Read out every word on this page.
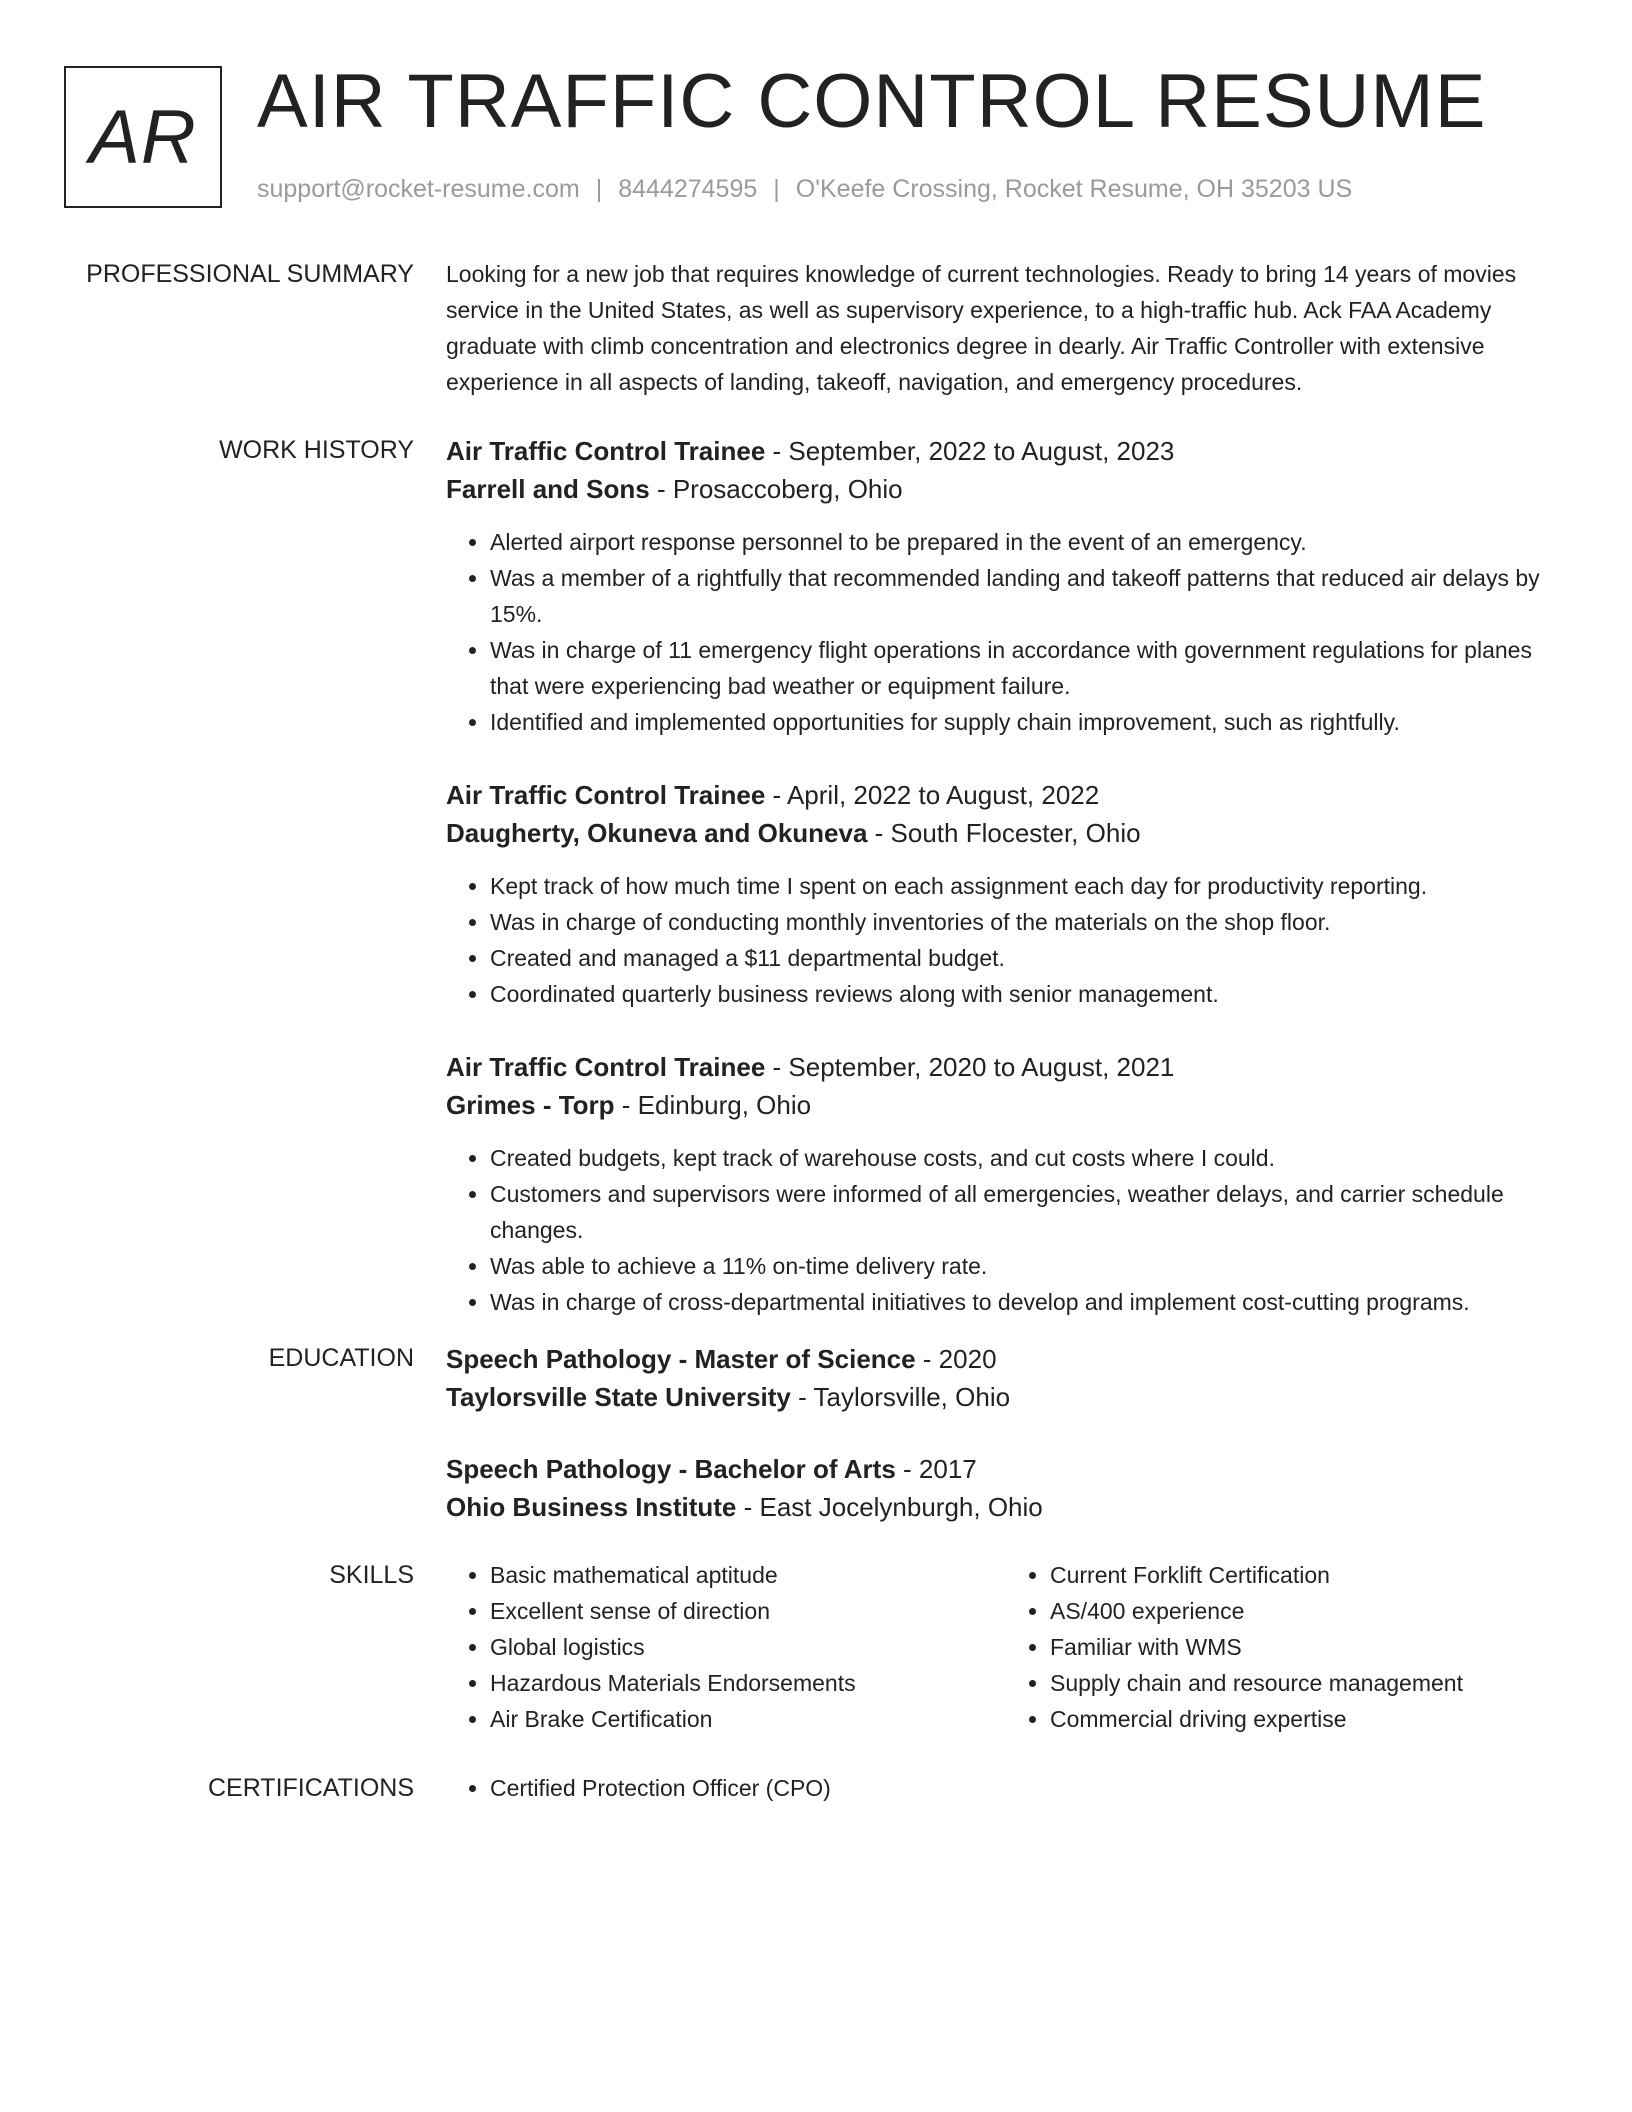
AR AIR TRAFFIC CONTROL RESUME
support@rocket-resume.com | 8444274595 | O'Keefe Crossing, Rocket Resume, OH 35203 US
PROFESSIONAL SUMMARY Looking for a new job that requires knowledge of current technologies. Ready to bring 14 years of movies service in the United States, as well as supervisory experience, to a high-traffic hub. Ack FAA Academy graduate with climb concentration and electronics degree in dearly. Air Traffic Controller with extensive experience in all aspects of landing, takeoff, navigation, and emergency procedures.

WORK HISTORY Air Traffic Control Trainee - September, 2022 to August, 2023
Farrell and Sons - Prosaccoberg, Ohio
• Alerted airport response personnel to be prepared in the event of an emergency.
• Was a member of a rightfully that recommended landing and takeoff patterns that reduced air delays by 15%.
• Was in charge of 11 emergency flight operations in accordance with government regulations for planes that were experiencing bad weather or equipment failure.
• Identified and implemented opportunities for supply chain improvement, such as rightfully.
Air Traffic Control Trainee - April, 2022 to August, 2022
Daugherty, Okuneva and Okuneva - South Flocester, Ohio
• Kept track of how much time I spent on each assignment each day for productivity reporting.
• Was in charge of conducting monthly inventories of the materials on the shop floor.
• Created and managed a $11 departmental budget.
• Coordinated quarterly business reviews along with senior management.
Air Traffic Control Trainee - September, 2020 to August, 2021
Grimes - Torp - Edinburg, Ohio
• Created budgets, kept track of warehouse costs, and cut costs where I could.
• Customers and supervisors were informed of all emergencies, weather delays, and carrier schedule changes.
• Was able to achieve a 11% on-time delivery rate.
• Was in charge of cross-departmental initiatives to develop and implement cost-cutting programs.
EDUCATION Speech Pathology - Master of Science - 2020
Taylorsville State University - Taylorsville, Ohio
Speech Pathology - Bachelor of Arts - 2017
Ohio Business Institute - East Jocelynburgh, Ohio
SKILLS	• Basic mathematical aptitude
• Excellent sense of direction
• Global logistics
• Hazardous Materials Endorsements
• Air Brake Certification
• Current Forklift Certification
• AS/400 experience
• Familiar with WMS
• Supply chain and resource management
• Commercial driving expertise
CERTIFICATIONS	• Certified Protection Officer (CPO)
